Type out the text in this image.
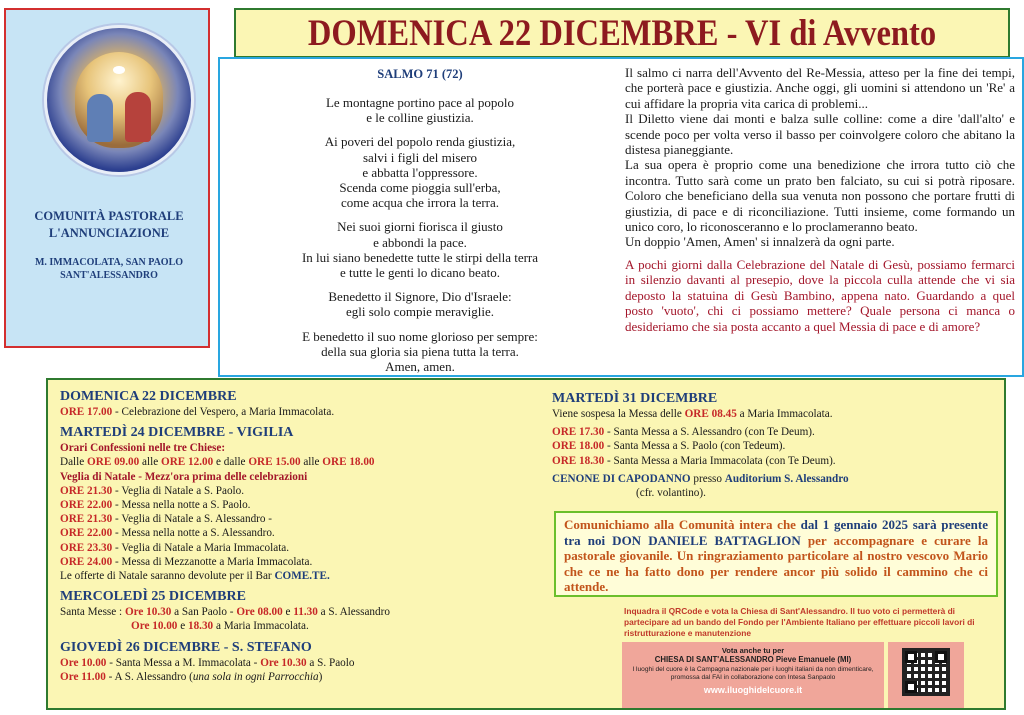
COMUNITÀ PASTORALE
L'ANNUNCIAZIONE
M. IMMACOLATA, SAN PAOLO
SANT'ALESSANDRO
DOMENICA 22 DICEMBRE - VI di Avvento
SALMO 71 (72)
Le montagne portino pace al popolo
e le colline giustizia.
Ai poveri del popolo renda giustizia,
salvi i figli del misero
e abbatta l'oppressore.
Scenda come pioggia sull'erba,
come acqua che irrora la terra.
Nei suoi giorni fiorisca il giusto
e abbondi la pace.
In lui siano benedette tutte le stirpi della terra
e tutte le genti lo dicano beato.
Benedetto il Signore, Dio d'Israele:
egli solo compie meraviglie.
E benedetto il suo nome glorioso per sempre:
della sua gloria sia piena tutta la terra.
Amen, amen.

Il salmo ci narra dell'Avvento del Re-Messia, atteso per la fine dei tempi, che porterà pace e giustizia. Anche oggi, gli uomini si attendono un 'Re' a cui affidare la propria vita carica di problemi...

Il Diletto viene dai monti e balza sulle colline: come a dire 'dall'alto' e scende poco per volta verso il basso per coinvolgere coloro che abitano la distesa pianeggiante.

La sua opera è proprio come una benedizione che irrora tutto ciò che incontra. Tutto sarà come un prato ben falciato, su cui si potrà riposare. Coloro che beneficiano della sua venuta non possono che portare frutti di giustizia, di pace e di riconciliazione. Tutti insieme, come formando un unico coro, lo riconosceranno e lo proclameranno beato.

Un doppio 'Amen, Amen' si innalzerà da ogni parte.

A pochi giorni dalla Celebrazione del Natale di Gesù, possiamo fermarci in silenzio davanti al presepio, dove la piccola culla attende che vi sia deposto la statuina di Gesù Bambino, appena nato. Guardando a quel posto 'vuoto', chi ci possiamo mettere? Quale persona ci manca o desideriamo che sia posta accanto a quel Messia di pace e di amore?

DOMENICA 22 DICEMBRE
ORE 17.00 - Celebrazione del Vespero, a Maria Immacolata.
MARTEDÌ 24 DICEMBRE - VIGILIA
Orari Confessioni nelle tre Chiese:
Dalle ORE 09.00 alle ORE 12.00 e dalle ORE 15.00 alle ORE 18.00
Veglia di Natale - Mezz'ora prima delle celebrazioni
ORE 21.30 - Veglia di Natale a S. Paolo.
ORE 22.00 - Messa nella notte a S. Paolo.
ORE 21.30 - Veglia di Natale a S. Alessandro -
ORE 22.00 - Messa nella notte a S. Alessandro.
ORE 23.30 - Veglia di Natale a Maria Immacolata.
ORE 24.00 - Messa di Mezzanotte a Maria Immacolata.
Le offerte di Natale saranno devolute per il Bar COME.TE.
MERCOLEDÌ 25 DICEMBRE
Santa Messe : Ore 10.30 a San Paolo - Ore 08.00 e 11.30 a S. Alessandro
Ore 10.00 e 18.30 a Maria Immacolata.
GIOVEDÌ 26 DICEMBRE - S. STEFANO
Ore 10.00 - Santa Messa a M. Immacolata - Ore 10.30 a S. Paolo
Ore 11.00 - A S. Alessandro (una sola in ogni Parrocchia)
MARTEDÌ 31 DICEMBRE
Viene sospesa la Messa delle ORE 08.45 a Maria Immacolata.
ORE 17.30 - Santa Messa a S. Alessandro (con Te Deum).
ORE 18.00 - Santa Messa a S. Paolo (con Tedeum).
ORE 18.30 - Santa Messa a Maria Immacolata (con Te Deum).
CENONE DI CAPODANNO presso Auditorium S. Alessandro
(cfr. volantino).
Comunichiamo alla Comunità intera che dal 1 gennaio 2025 sarà presente tra noi DON DANIELE BATTAGLION per accompagnare e curare la pastorale giovanile. Un ringraziamento particolare al nostro vescovo Mario che ce ne ha fatto dono per rendere ancor più solido il cammino che ci attende.
Inquadra il QRCode e vota la Chiesa di Sant'Alessandro. Il tuo voto ci permetterà di partecipare ad un bando del Fondo per l'Ambiente Italiano per effettuare piccoli lavori di ristrutturazione e manutenzione
Vota anche tu per
CHIESA DI SANT'ALESSANDRO Pieve Emanuele (MI)
I luoghi del cuore è la Campagna nazionale per i luoghi italiani da non dimenticare, promossa dal FAI in collaborazione con Intesa Sanpaolo
www.iluoghidelcuore.it
